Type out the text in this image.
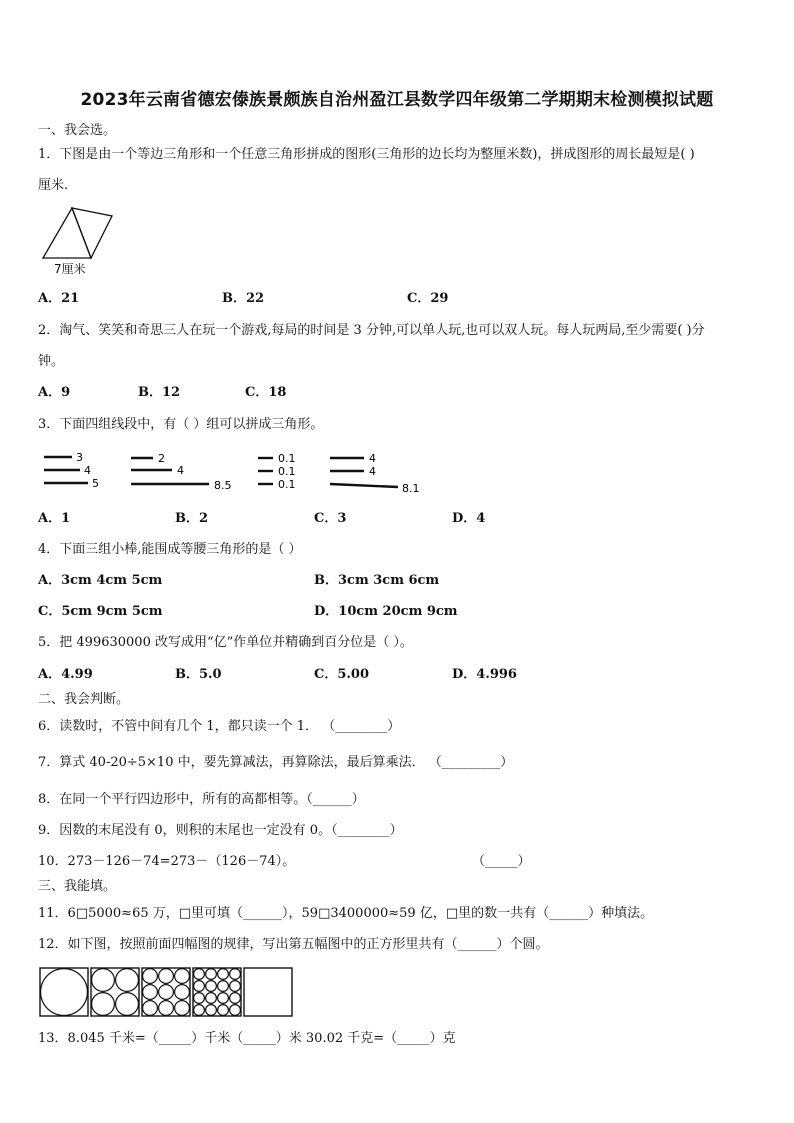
2023年云南省德宏傣族景颇族自治州盈江县数学四年级第二学期期末检测模拟试题
一、我会选。
1．下图是由一个等边三角形和一个任意三角形拼成的图形(三角形的边长均为整厘米数)，拼成图形的周长最短是( )
厘米.
7厘米
A．21	B．22	C．29
2．淘气、笑笑和奇思三人在玩一个游戏,每局的时间是 3 分钟,可以单人玩,也可以双人玩。每人玩两局,至少需要( )分
钟。
A．9	B．12	C．18
3．下面四组线段中，有（ ）组可以拼成三角形。
3
4
5
2
4
8.5
0.1
0.1
0.1
4
4
8.1
A．1	B．2	C．3	D．4
4．下面三组小棒,能围成等腰三角形的是（ ）
A．3cm 4cm 5cm	B．3cm 3cm 6cm
C．5cm 9cm 5cm	D．10cm 20cm 9cm
5．把 499630000 改写成用“亿”作单位并精确到百分位是（ ）。
A．4.99	B．5.0	C．5.00	D．4.996
二、我会判断。
6．读数时，不管中间有几个 1，都只读一个 1． （________）
7．算式 40-20÷5×10 中，要先算减法，再算除法，最后算乘法． （_________）
8．在同一个平行四边形中，所有的高都相等。（______）
9．因数的末尾没有 0，则积的末尾也一定没有 0。（________）
10．273－126－74=273－（126－74）。	（_____）
三、我能填。
11．6□5000≈65 万，□里可填（______），59□3400000≈59 亿，□里的数一共有（______）种填法。
12．如下图，按照前面四幅图的规律，写出第五幅图中的正方形里共有（______）个圆。
13．8.045 千米=（_____）千米（_____）米 30.02 千克=（_____）克
